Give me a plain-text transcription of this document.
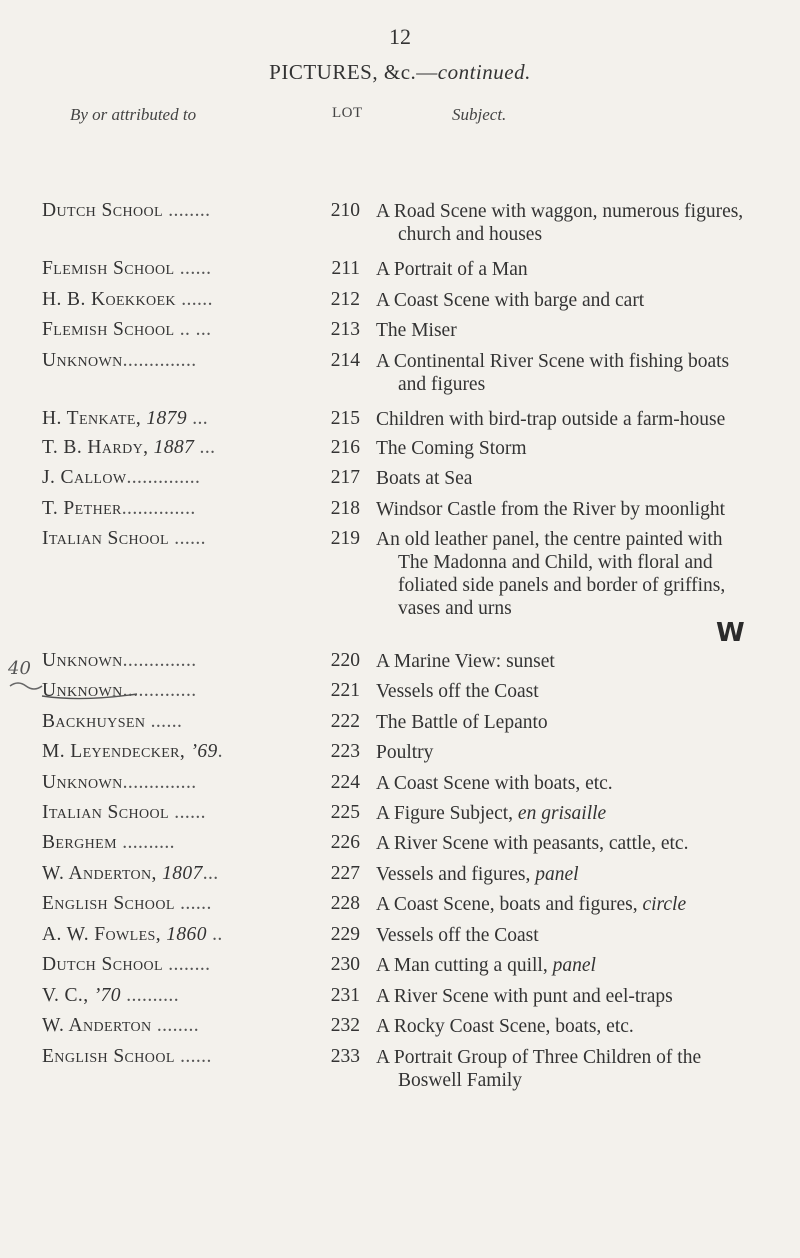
12
PICTURES, &c.—continued.
By or attributed to	LOT	Subject.
Dutch School ........	210 A Road Scene with waggon, numerous figures,
church and houses
Flemish School ......	211 A Portrait of a Man
H. B. Koekkoek ......	212 A Coast Scene with barge and cart
Flemish School .. ...	213 The Miser
Unknown..............	214 A Continental River Scene with fishing boats
and figures
H. Tenkate, 1879 ...	215 Children with bird-trap outside a farm-house
T. B. Hardy, 1887 ...	216 The Coming Storm
J. Callow..............	217 Boats at Sea
T. Pether..............	218 Windsor Castle from the River by moonlight
Italian School ......	219 An old leather panel, the centre painted with
The Madonna and Child, with floral and
foliated side panels and border of griffins,
vases and urns
Unknown..............	220 A Marine View: sunset
Unknown..............	221 Vessels off the Coast
Backhuysen ......	222 The Battle of Lepanto
M. Leyendecker, ’69.	223 Poultry
Unknown..............	224 A Coast Scene with boats, etc.
Italian School ......	225 A Figure Subject, en grisaille
Berghem ..........	226 A River Scene with peasants, cattle, etc.
W. Anderton, 1807...	227 Vessels and figures, panel
English School ......	228 A Coast Scene, boats and figures, circle
A. W. Fowles, 1860 ..	229 Vessels off the Coast
Dutch School ........	230 A Man cutting a quill, panel
V. C., ’70 ..........	231 A River Scene with punt and eel-traps
W. Anderton ........	232 A Rocky Coast Scene, boats, etc.
English School ......	233 A Portrait Group of Three Children of the
Boswell Family
40
W
